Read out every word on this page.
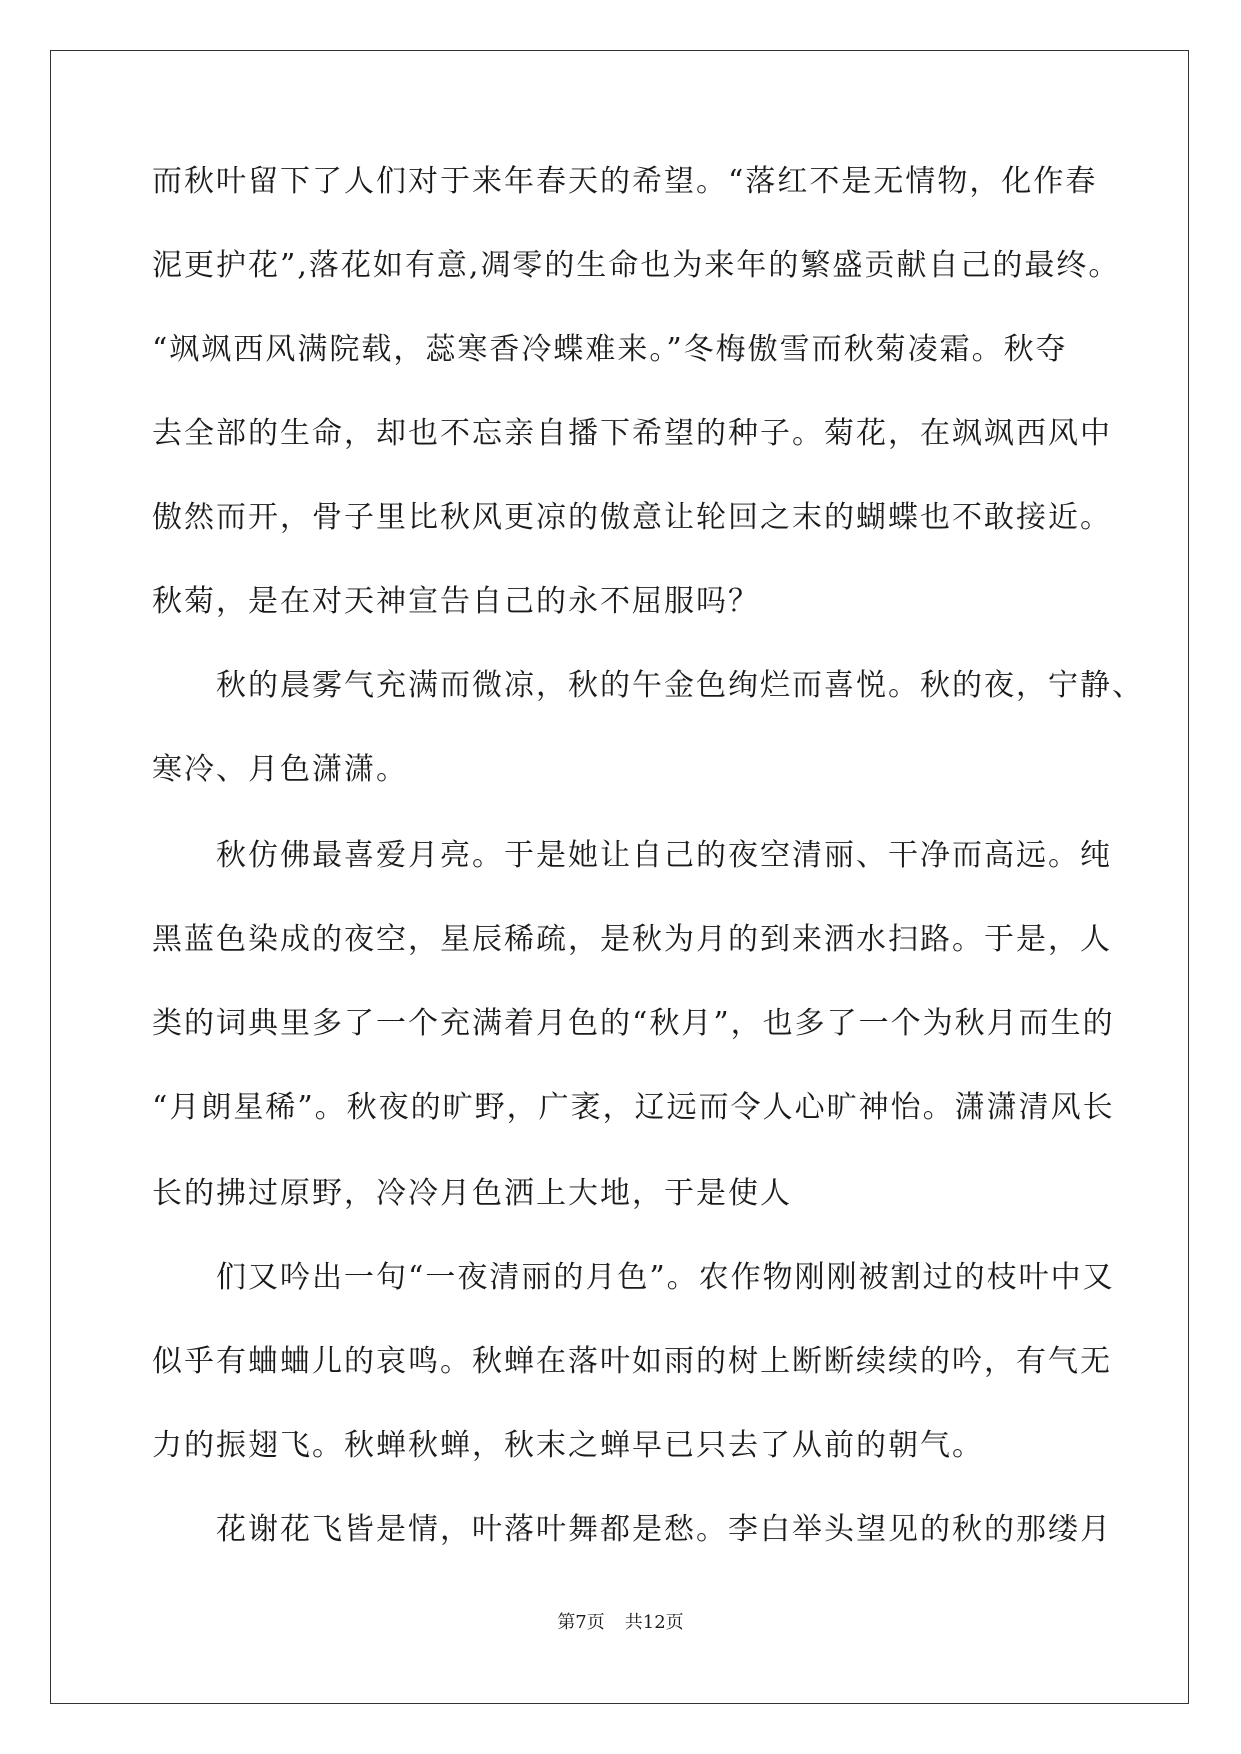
而秋叶留下了人们对于来年春天的希望。“落红不是无情物，化作春
泥更护花”,落花如有意,凋零的生命也为来年的繁盛贡献自己的最终。
“飒飒西风满院载，蕊寒香冷蝶难来。”冬梅傲雪而秋菊凌霜。秋夺
去全部的生命，却也不忘亲自播下希望的种子。菊花，在飒飒西风中
傲然而开，骨子里比秋风更凉的傲意让轮回之末的蝴蝶也不敢接近。
秋菊，是在对天神宣告自己的永不屈服吗？
　　秋的晨雾气充满而微凉，秋的午金色绚烂而喜悦。秋的夜，宁静、
寒冷、月色潇潇。
　　秋仿佛最喜爱月亮。于是她让自己的夜空清丽、干净而高远。纯
黑蓝色染成的夜空，星辰稀疏，是秋为月的到来洒水扫路。于是，人
类的词典里多了一个充满着月色的“秋月”，也多了一个为秋月而生的
“月朗星稀”。秋夜的旷野，广袤，辽远而令人心旷神怡。潇潇清风长
长的拂过原野，冷冷月色洒上大地，于是使人
　　们又吟出一句“一夜清丽的月色”。农作物刚刚被割过的枝叶中又
似乎有蛐蛐儿的哀鸣。秋蝉在落叶如雨的树上断断续续的吟，有气无
力的振翅飞。秋蝉秋蝉，秋末之蝉早已只去了从前的朝气。
　　花谢花飞皆是情，叶落叶舞都是愁。李白举头望见的秋的那缕月
第7页 共12页
